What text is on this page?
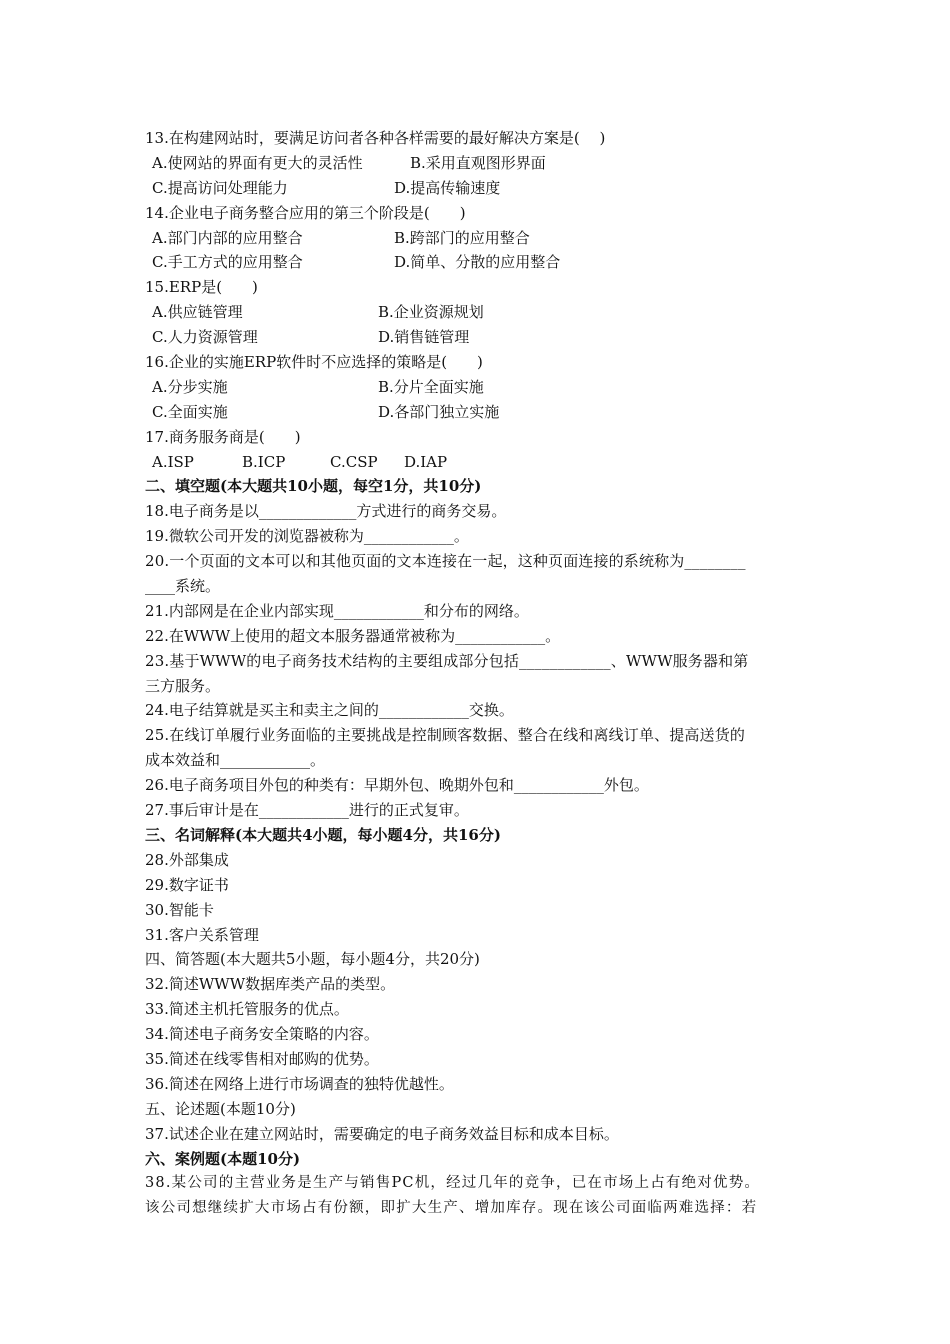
13.在构建网站时，要满足访问者各种各样需要的最好解决方案是(　 )
A.使网站的界面有更大的灵活性	B.采用直观图形界面
C.提高访问处理能力	D.提高传输速度
14.企业电子商务整合应用的第三个阶段是(　　)
A.部门内部的应用整合	B.跨部门的应用整合
C.手工方式的应用整合	D.简单、分散的应用整合
15.ERP是(　　)
A.供应链管理	B.企业资源规划
C.人力资源管理	D.销售链管理
16.企业的实施ERP软件时不应选择的策略是(　　)
A.分步实施	B.分片全面实施
C.全面实施	D.各部门独立实施
17.商务服务商是(　　)
A.ISP	B.ICP	C.CSP D.IAP
二、填空题(本大题共10小题，每空1分，共10分)
18.电子商务是以_____________方式进行的商务交易。
19.微软公司开发的浏览器被称为____________。
20.一个页面的文本可以和其他页面的文本连接在一起，这种页面连接的系统称为________
____系统。
21.内部网是在企业内部实现____________和分布的网络。
22.在WWW上使用的超文本服务器通常被称为____________。
23.基于WWW的电子商务技术结构的主要组成部分包括____________、WWW服务器和第
三方服务。
24.电子结算就是买主和卖主之间的____________交换。
25.在线订单履行业务面临的主要挑战是控制顾客数据、整合在线和离线订单、提高送货的
成本效益和____________。
26.电子商务项目外包的种类有：早期外包、晚期外包和____________外包。
27.事后审计是在____________进行的正式复审。
三、名词解释(本大题共4小题，每小题4分，共16分)
28.外部集成
29.数字证书
30.智能卡
31.客户关系管理
四、简答题(本大题共5小题，每小题4分，共20分)
32.简述WWW数据库类产品的类型。
33.简述主机托管服务的优点。
34.简述电子商务安全策略的内容。
35.简述在线零售相对邮购的优势。
36.简述在网络上进行市场调查的独特优越性。
五、论述题(本题10分)
37.试述企业在建立网站时，需要确定的电子商务效益目标和成本目标。
六、案例题(本题10分)
38.某公司的主营业务是生产与销售PC机，经过几年的竞争，已在市场上占有绝对优势。
该公司想继续扩大市场占有份额，即扩大生产、增加库存。现在该公司面临两难选择：若
